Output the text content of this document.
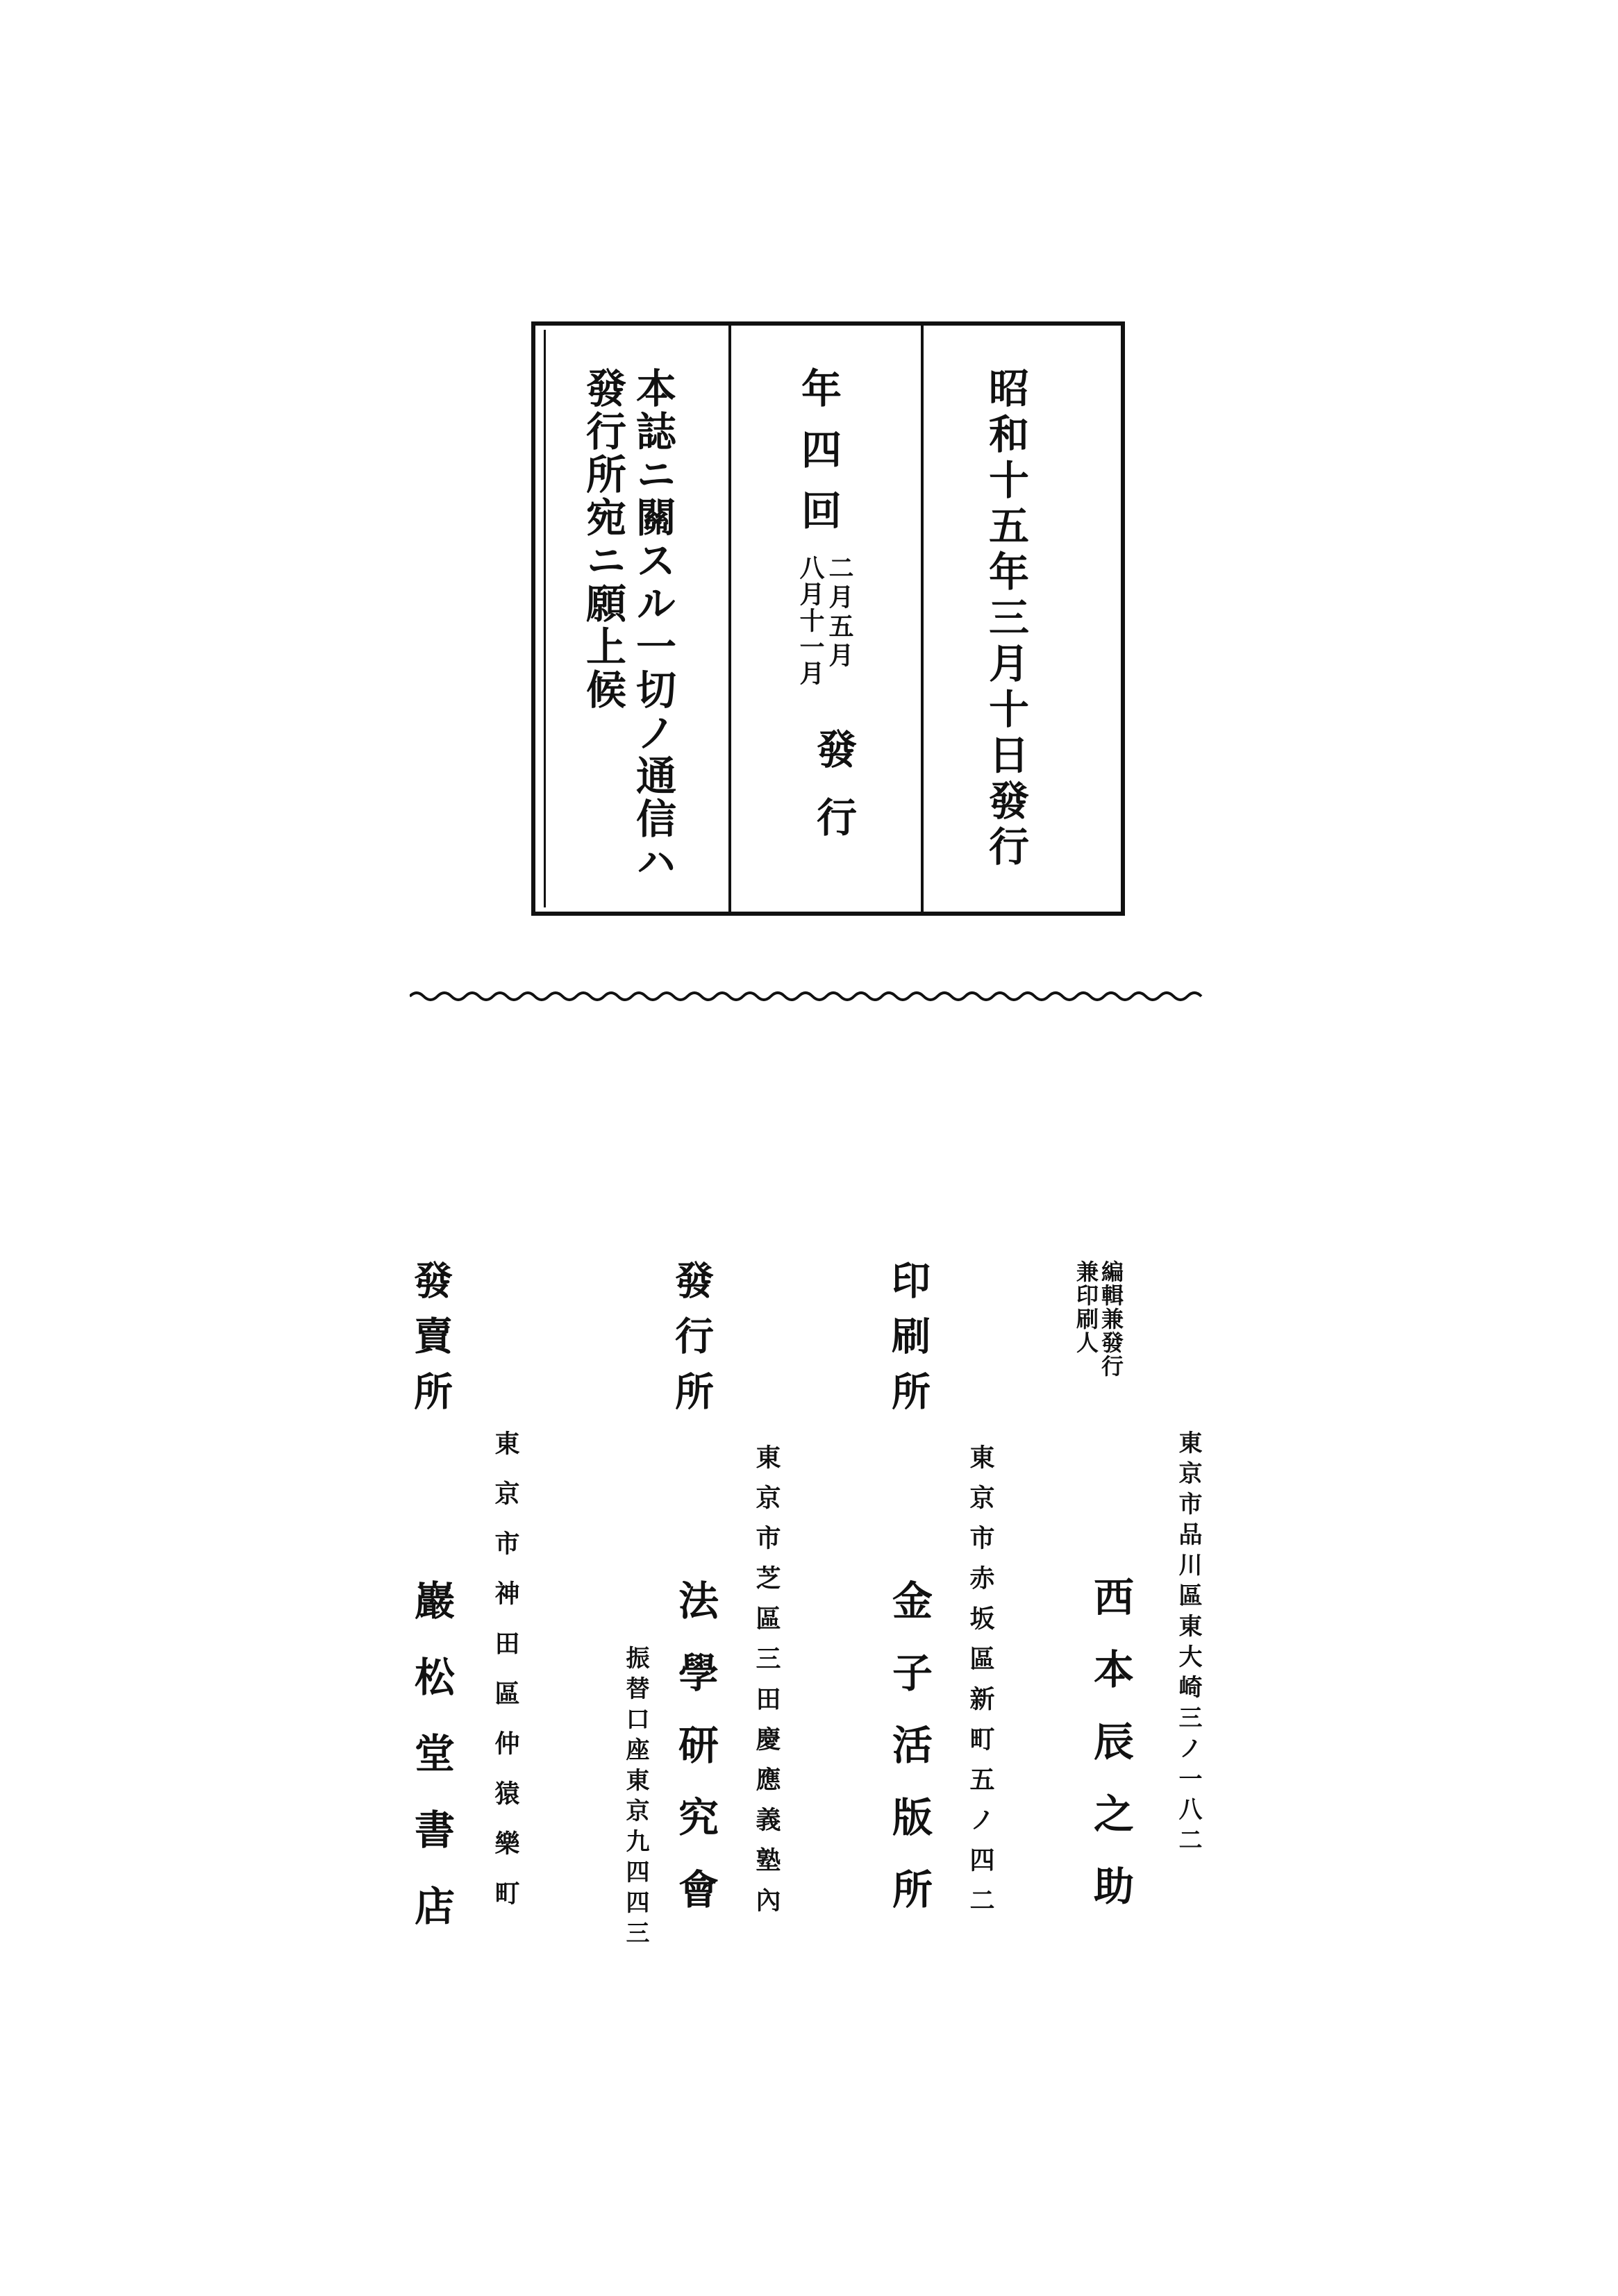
昭和十五年三月十日發行
年四回
二月五月
八月十一月
發行
本誌ニ關スル一切ノ通信ハ
發行所宛ニ願上候
東京市品川區東大崎三ノ一八二
編輯兼發行
兼印刷人
西本辰之助
東京市赤坂區新町五ノ四二
印刷所
金子活版所
東京市芝區三田慶應義塾內
振替口座東京九四四三
發行所
法學研究會
東京市神田區仲猿樂町
發賣所
巖松堂書店
